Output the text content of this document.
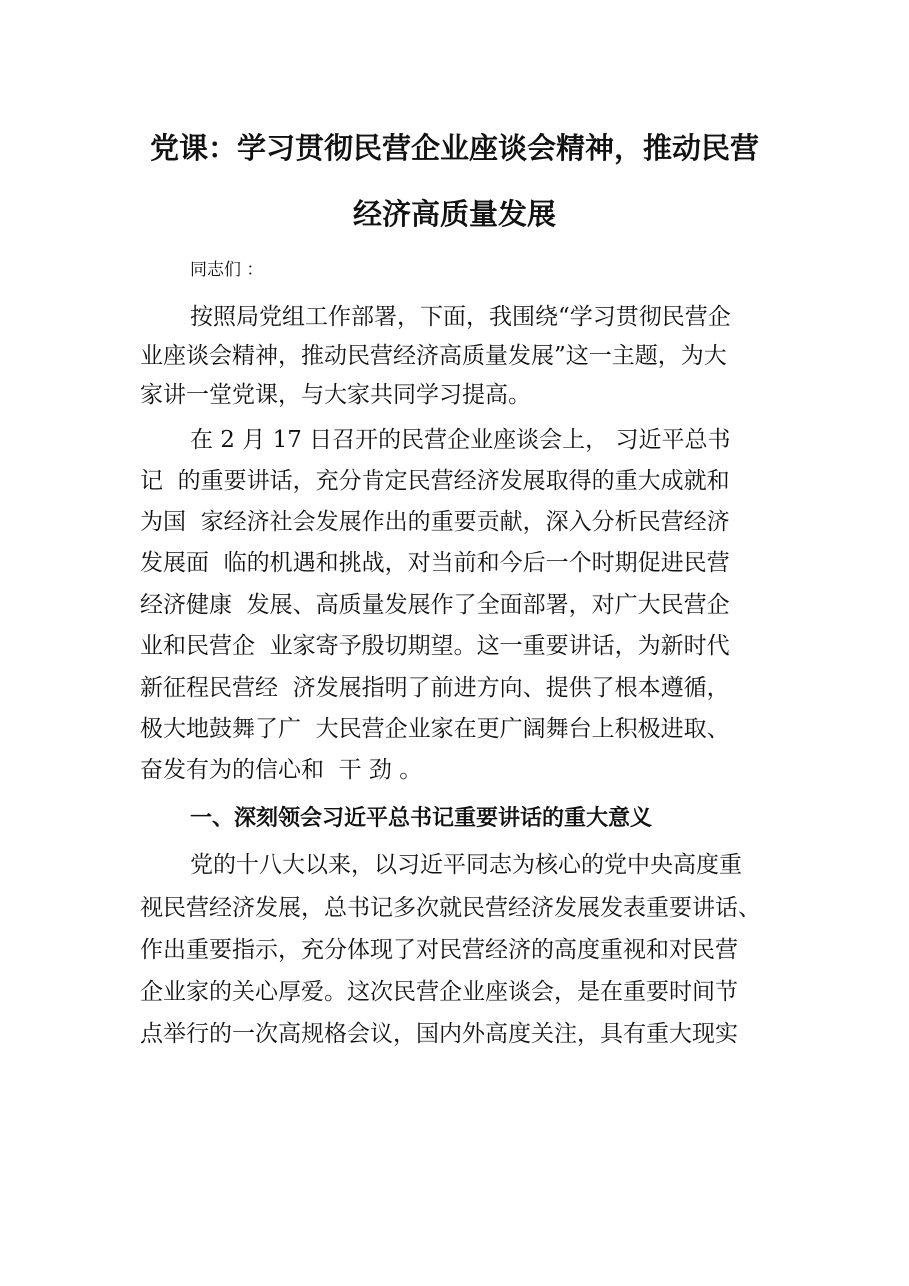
党课：学习贯彻民营企业座谈会精神，推动民营
经济高质量发展
同志们 ：
按照局党组工作部署，下面，我围绕“学习贯彻民营企
业座谈会精神，推动民营经济高质量发展”这一主题，为大
家讲一堂党课，与大家共同学习提高。
在 2 月 17 日召开的民营企业座谈会上， 习近平总书
记  的重要讲话，充分肯定民营经济发展取得的重大成就和
为国  家经济社会发展作出的重要贡献，深入分析民营经济
发展面  临的机遇和挑战，对当前和今后一个时期促进民营
经济健康  发展、高质量发展作了全面部署，对广大民营企
业和民营企  业家寄予殷切期望。这一重要讲话，为新时代
新征程民营经  济发展指明了前进方向、提供了根本遵循，
极大地鼓舞了广  大民营企业家在更广阔舞台上积极进取、
奋发有为的信心和  干 劲 。
一、深刻领会习近平总书记重要讲话的重大意义
党的十八大以来，以习近平同志为核心的党中央高度重
视民营经济发展，总书记多次就民营经济发展发表重要讲话、
作出重要指示，充分体现了对民营经济的高度重视和对民营
企业家的关心厚爱。这次民营企业座谈会，是在重要时间节
点举行的一次高规格会议，国内外高度关注，具有重大现实
